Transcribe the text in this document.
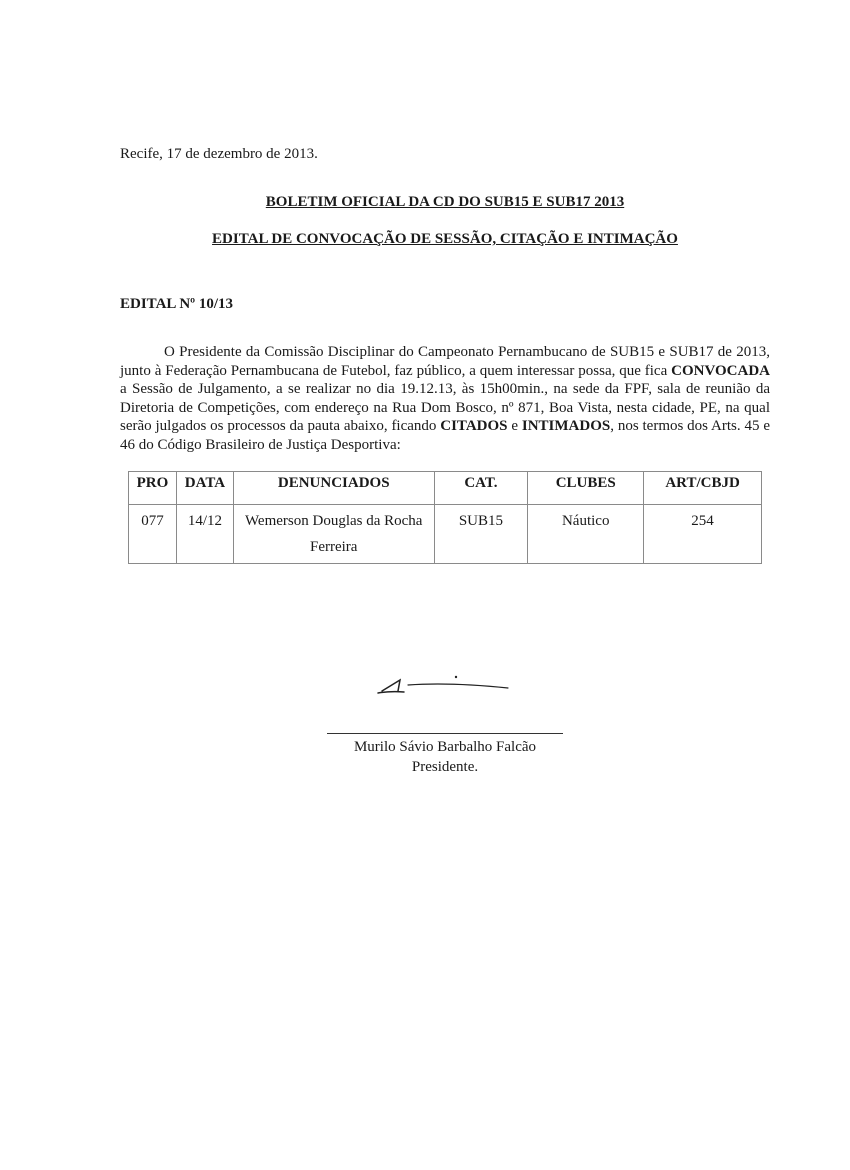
Recife, 17 de dezembro de 2013.
BOLETIM OFICIAL DA CD DO SUB15 E SUB17 2013
EDITAL DE CONVOCAÇÃO DE SESSÃO, CITAÇÃO E INTIMAÇÃO
EDITAL Nº 10/13
O Presidente da Comissão Disciplinar do Campeonato Pernambucano de SUB15 e SUB17 de 2013, junto à Federação Pernambucana de Futebol, faz público, a quem interessar possa, que fica CONVOCADA a Sessão de Julgamento, a se realizar no dia 19.12.13, às 15h00min., na sede da FPF, sala de reunião da Diretoria de Competições, com endereço na Rua Dom Bosco, nº 871, Boa Vista, nesta cidade, PE, na qual serão julgados os processos da pauta abaixo, ficando CITADOS e INTIMADOS, nos termos dos Arts. 45 e 46 do Código Brasileiro de Justiça Desportiva:
PRO	DATA	DENUNCIADOS	CAT.	CLUBES	ART/CBJD
077	14/12	Wemerson Douglas da Rocha Ferreira	SUB15	Náutico	254
Murilo Sávio Barbalho Falcão
Presidente.
